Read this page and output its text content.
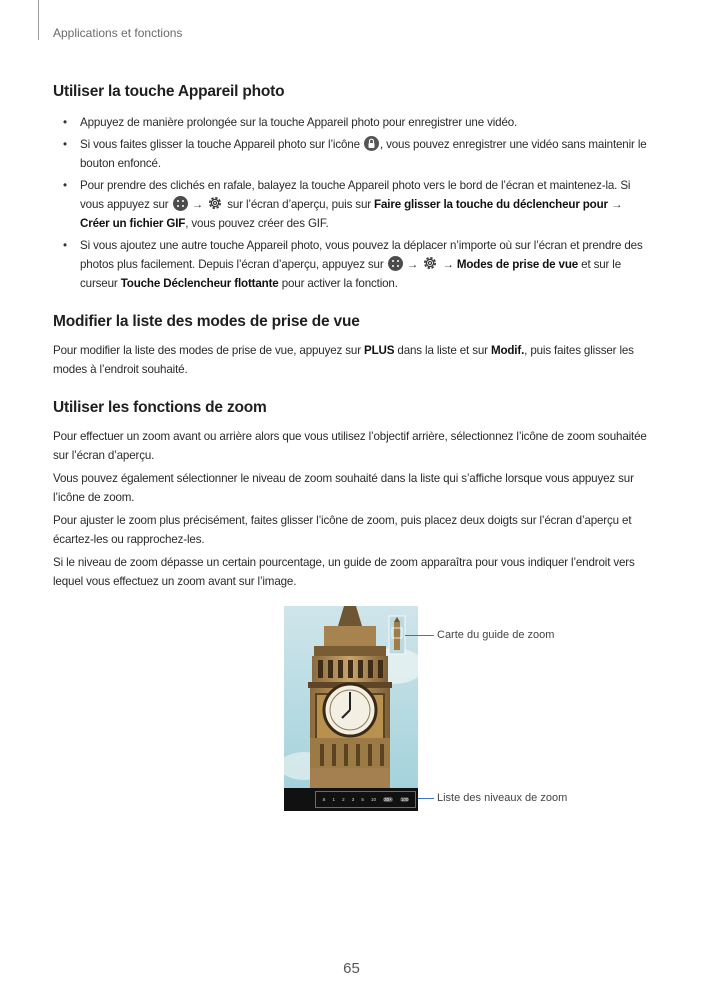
Applications et fonctions
Utiliser la touche Appareil photo
• Appuyez de manière prolongée sur la touche Appareil photo pour enregistrer une vidéo.
• Si vous faites glisser la touche Appareil photo sur l’icône , vous pouvez enregistrer une vidéo sans maintenir le bouton enfoncé.
• Pour prendre des clichés en rafale, balayez la touche Appareil photo vers le bord de l’écran et maintenez-la. Si vous appuyez sur → sur l’écran d’aperçu, puis sur Faire glisser la touche du déclencheur pour → Créer un fichier GIF, vous pouvez créer des GIF.
• Si vous ajoutez une autre touche Appareil photo, vous pouvez la déplacer n’importe où sur l’écran et prendre des photos plus facilement. Depuis l’écran d’aperçu, appuyez sur → → Modes de prise de vue et sur le curseur Touche Déclencheur flottante pour activer la fonction.
Modifier la liste des modes de prise de vue

Pour modifier la liste des modes de prise de vue, appuyez sur PLUS dans la liste et sur Modif., puis faites glisser les modes à l’endroit souhaité.

Utiliser les fonctions de zoom

Pour effectuer un zoom avant ou arrière alors que vous utilisez l’objectif arrière, sélectionnez l’icône de zoom souhaitée sur l’écran d’aperçu.

Vous pouvez également sélectionner le niveau de zoom souhaité dans la liste qui s’affiche lorsque vous appuyez sur l’icône de zoom.

Pour ajuster le zoom plus précisément, faites glisser l’icône de zoom, puis placez deux doigts sur l’écran d’aperçu et écartez-les ou rapprochez-les.

Si le niveau de zoom dépasse un certain pourcentage, un guide de zoom apparaîtra pour vous indiquer l’endroit vers lequel vous effectuez un zoom avant sur l’image.

.6 1 2 3 5 10 30× 100
Carte du guide de zoom
Liste des niveaux de zoom
65
